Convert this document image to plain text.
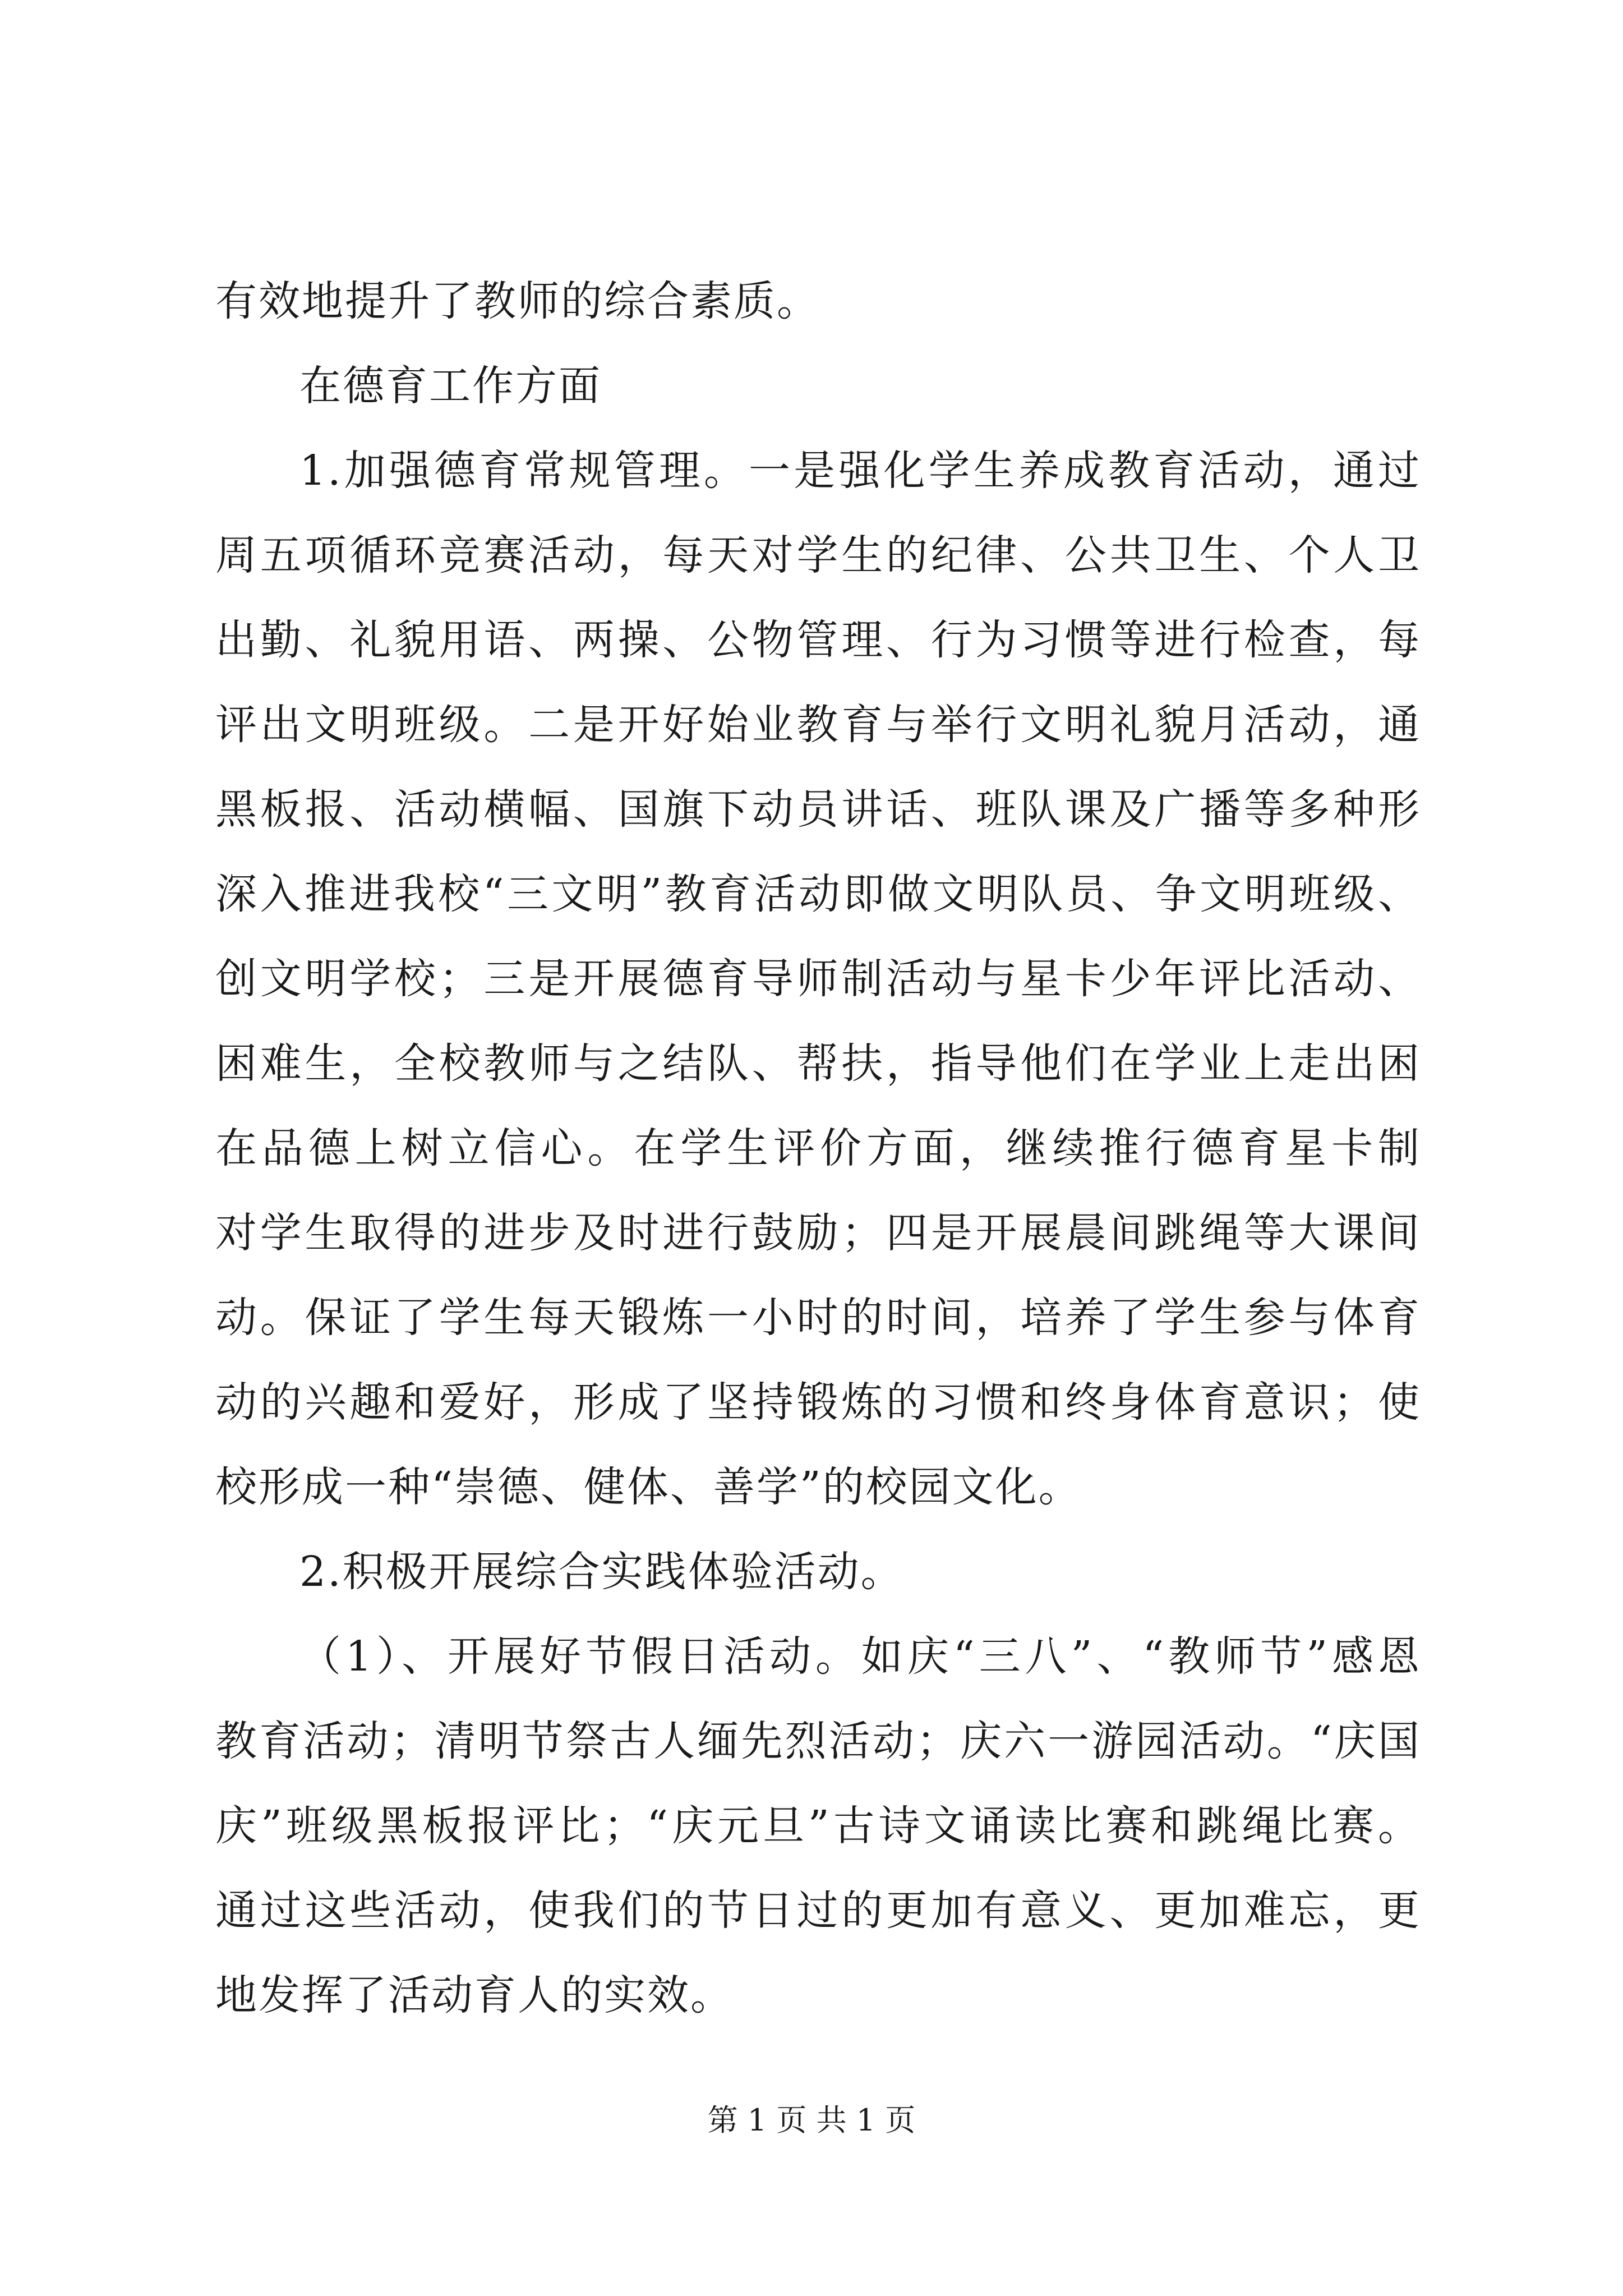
有效地提升了教师的综合素质。
在德育工作方面
1.加强德育常规管理。一是强化学生养成教育活动，通过
周五项循环竞赛活动，每天对学生的纪律、公共卫生、个人卫
出勤、礼貌用语、两操、公物管理、行为习惯等进行检查，每
评出文明班级。二是开好始业教育与举行文明礼貌月活动，通
黑板报、活动横幅、国旗下动员讲话、班队课及广播等多种形
深入推进我校“三文明”教育活动即做文明队员、争文明班级、
创文明学校；三是开展德育导师制活动与星卡少年评比活动、
困难生，全校教师与之结队、帮扶，指导他们在学业上走出困
在品德上树立信心。在学生评价方面，继续推行德育星卡制
对学生取得的进步及时进行鼓励；四是开展晨间跳绳等大课间
动。保证了学生每天锻炼一小时的时间，培养了学生参与体育
动的兴趣和爱好，形成了坚持锻炼的习惯和终身体育意识；使
校形成一种“崇德、健体、善学”的校园文化。
2.积极开展综合实践体验活动。
（1）、开展好节假日活动。如庆“三八”、“教师节”感恩
教育活动；清明节祭古人缅先烈活动；庆六一游园活动。“庆国
庆”班级黑板报评比；“庆元旦”古诗文诵读比赛和跳绳比赛。
通过这些活动，使我们的节日过的更加有意义、更加难忘，更
地发挥了活动育人的实效。
第 1 页 共 1 页
